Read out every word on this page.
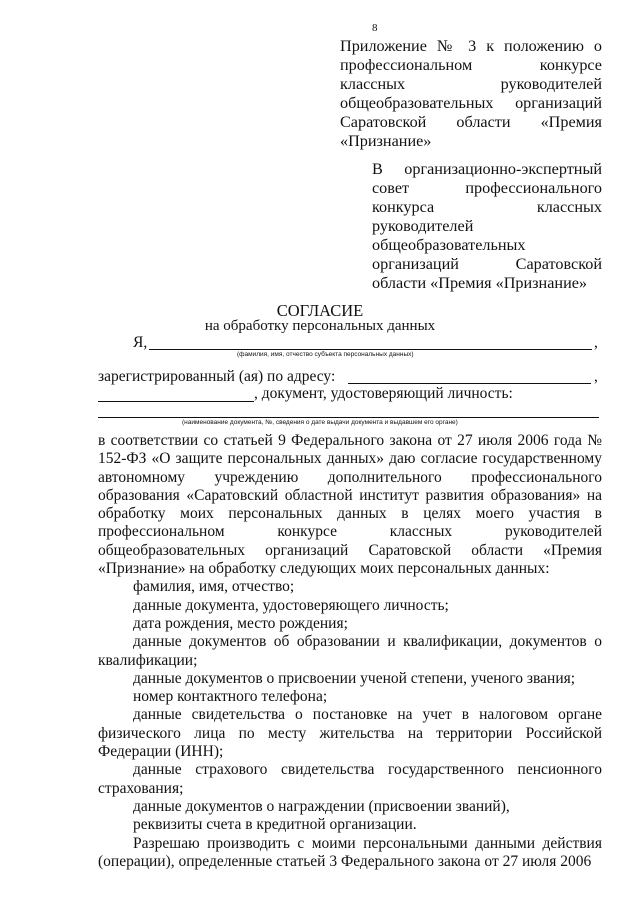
8
Приложение № 3 к положению о профессиональном конкурсе классных руководителей общеобразовательных организаций Саратовской области «Премия «Признание»
В организационно-экспертный совет профессионального конкурса классных руководителей общеобразовательных организаций Саратовской области «Премия «Признание»
СОГЛАСИЕ
на обработку персональных данных
Я,	,
(фамилия, имя, отчество субъекта персональных данных)
зарегистрированный (ая) по адресу:	,
, документ, удостоверяющий личность:
(наименование документа, №, сведения о дате выдачи документа и выдавшем его органе)

в соответствии со статьей 9 Федерального закона от 27 июля 2006 года № 152-ФЗ «О защите персональных данных» даю согласие государственному автономному учреждению дополнительного профессионального образования «Саратовский областной институт развития образования» на обработку моих персональных данных в целях моего участия в профессиональном конкурсе классных руководителей общеобразовательных организаций Саратовской области «Премия «Признание» на обработку следующих моих персональных данных:

фамилия, имя, отчество;

данные документа, удостоверяющего личность;

дата рождения, место рождения;

данные документов об образовании и квалификации, документов о квалификации;

данные документов о присвоении ученой степени, ученого звания;

номер контактного телефона;

данные свидетельства о постановке на учет в налоговом органе физического лица по месту жительства на территории Российской Федерации (ИНН);

данные страхового свидетельства государственного пенсионного страхования;

данные документов о награждении (присвоении званий),

реквизиты счета в кредитной организации.

Разрешаю производить с моими персональными данными действия (операции), определенные статьей 3 Федерального закона от 27 июля 2006
